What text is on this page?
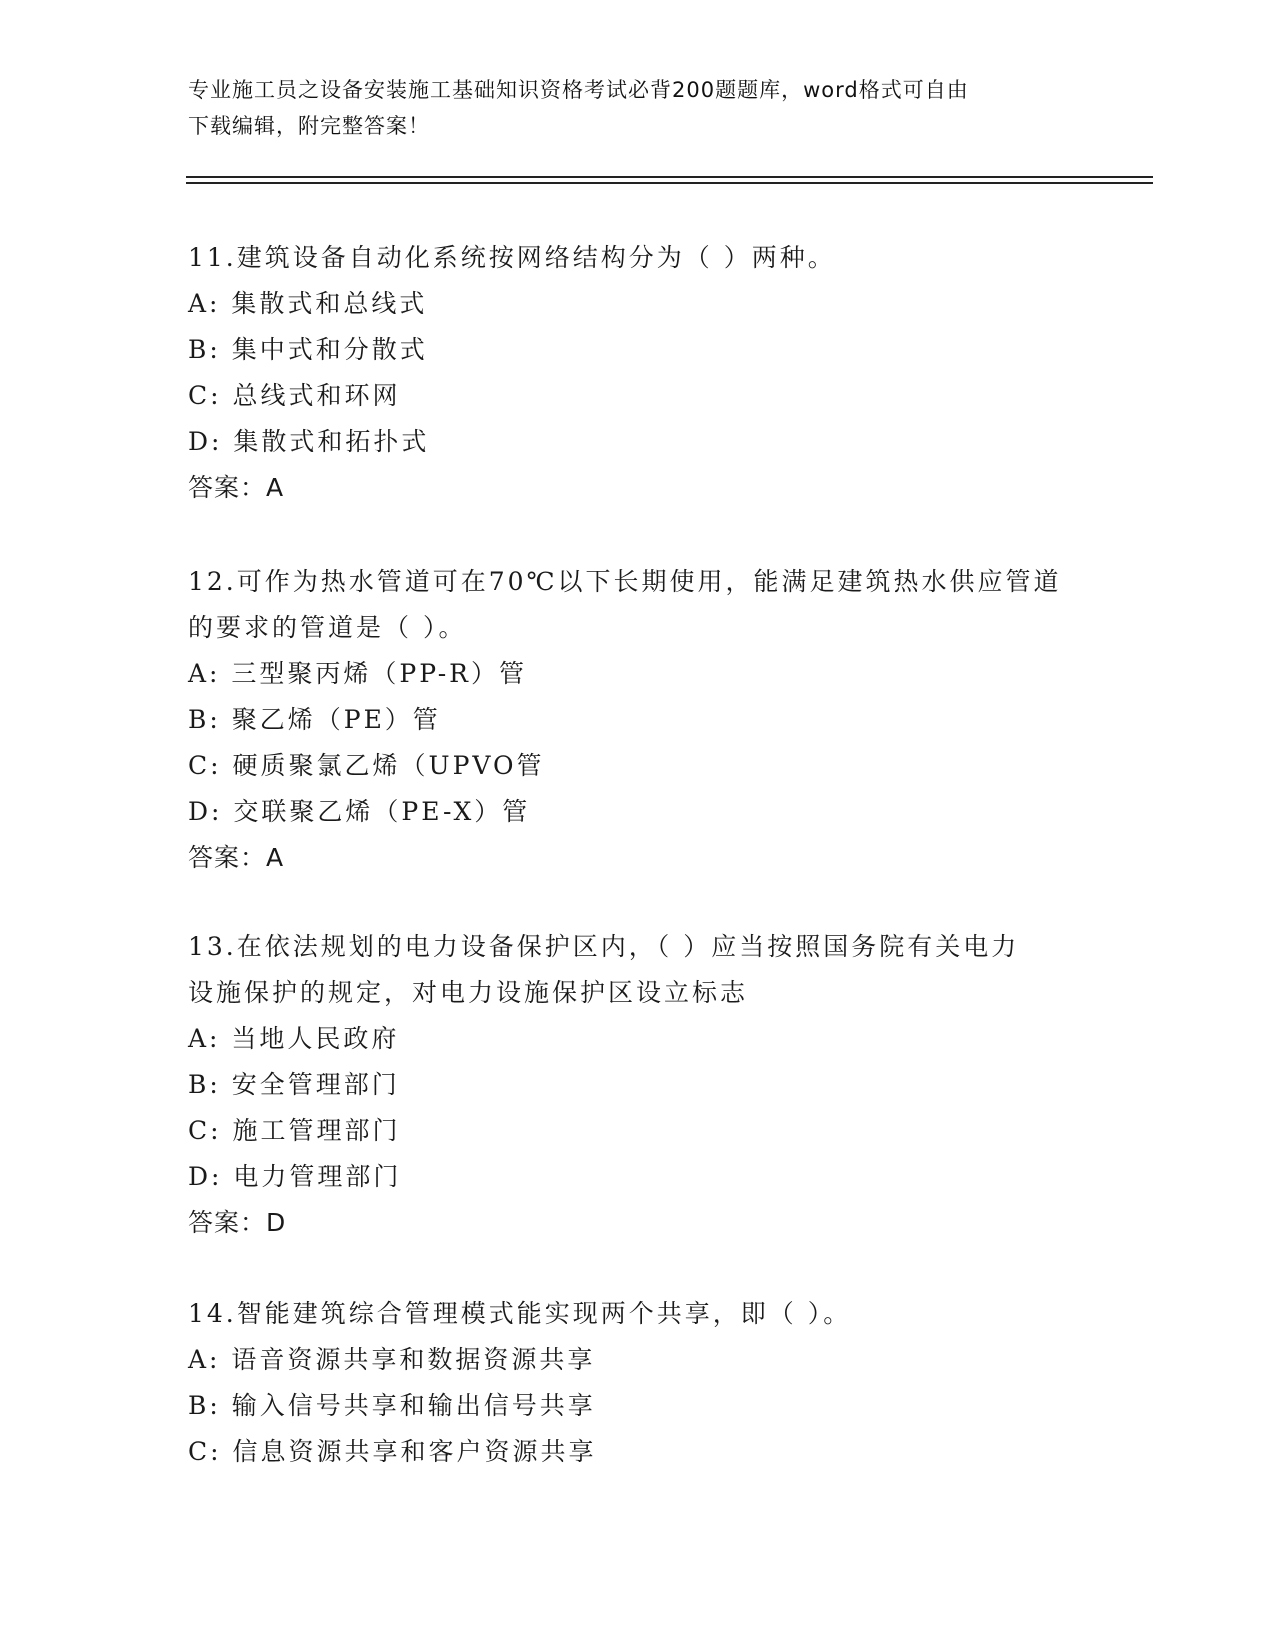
专业施工员之设备安装施工基础知识资格考试必背200题题库，word格式可自由
下载编辑，附完整答案！

11.建筑设备自动化系统按网络结构分为（ ）两种。

A: 集散式和总线式

B: 集中式和分散式

C: 总线式和环网

D: 集散式和拓扑式

答案：A

12.可作为热水管道可在70℃以下长期使用，能满足建筑热水供应管道

的要求的管道是（ ）。

A: 三型聚丙烯（PP-R）管

B: 聚乙烯（PE）管

C: 硬质聚氯乙烯（UPVO管

D: 交联聚乙烯（PE-X）管

答案：A

13.在依法规划的电力设备保护区内，（ ）应当按照国务院有关电力

设施保护的规定，对电力设施保护区设立标志

A: 当地人民政府

B: 安全管理部门

C: 施工管理部门

D: 电力管理部门

答案：D

14.智能建筑综合管理模式能实现两个共享，即（ ）。

A: 语音资源共享和数据资源共享

B: 输入信号共享和输出信号共享

C: 信息资源共享和客户资源共享
